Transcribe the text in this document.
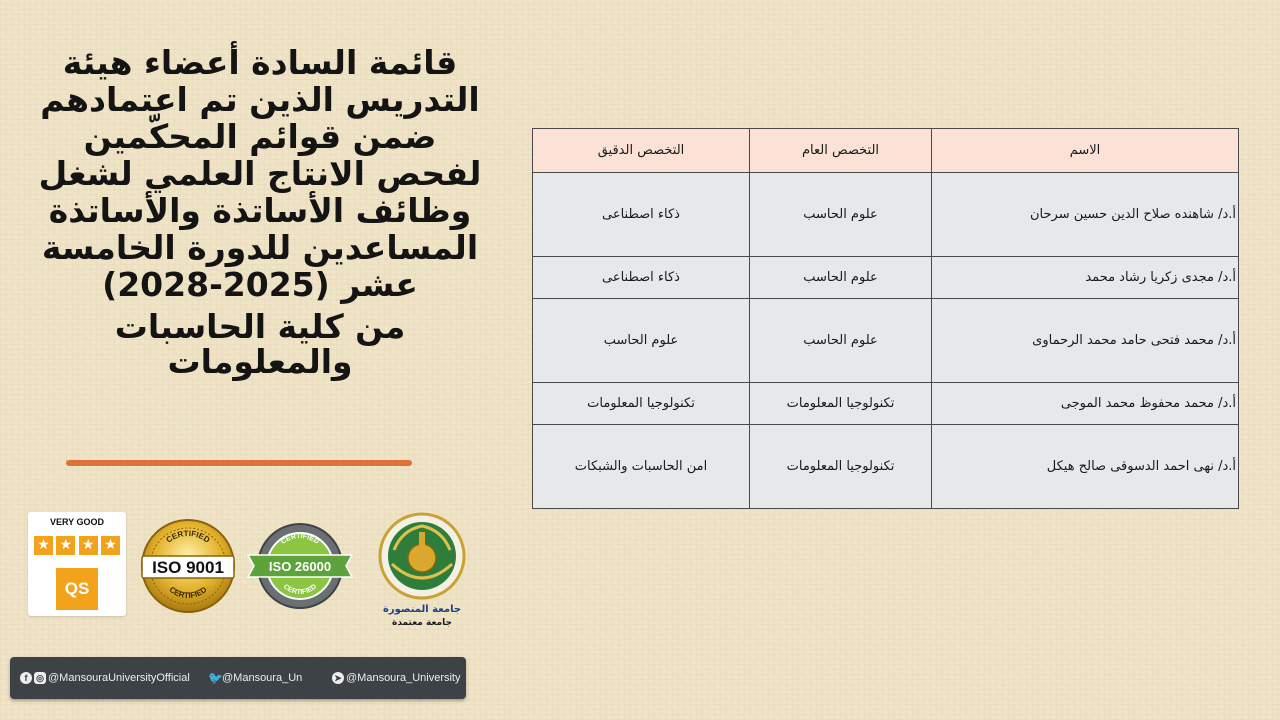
قائمة السادة أعضاء هيئة التدريس الذين تم اعتمادهم ضمن قوائم المحكّمين لفحص الانتاج العلمي لشغل وظائف الأساتذة والأساتذة المساعدين للدورة الخامسة عشر (2025-2028)
من كلية الحاسبات والمعلومات
VERY GOOD
★ ★ ★ ★
QS
ISO 9001
CERTIFIED
CERTIFIED
ISO 26000
CERTIFIED
CERTIFIED
جامعة المنصورة
جامعة معتمدة
f ◎ @MansouraUniversityOfficial 🐦 @Mansoura_Un	➤ @Mansoura_University
الاسم	التخصص العام	التخصص الدقيق
أ.د/ شاهنده صلاح الدين حسين سرحان	علوم الحاسب	ذكاء اصطناعى
أ.د/ مجدى زكريا رشاد محمد	علوم الحاسب	ذكاء اصطناعى
أ.د/ محمد فتحى حامد محمد الرحماوى	علوم الحاسب	علوم الحاسب
أ.د/ محمد محفوظ محمد الموجى	تكنولوجيا المعلومات	تكنولوجيا المعلومات
أ.د/ نهى احمد الدسوقى صالح هيكل	تكنولوجيا المعلومات	امن الحاسبات والشبكات
